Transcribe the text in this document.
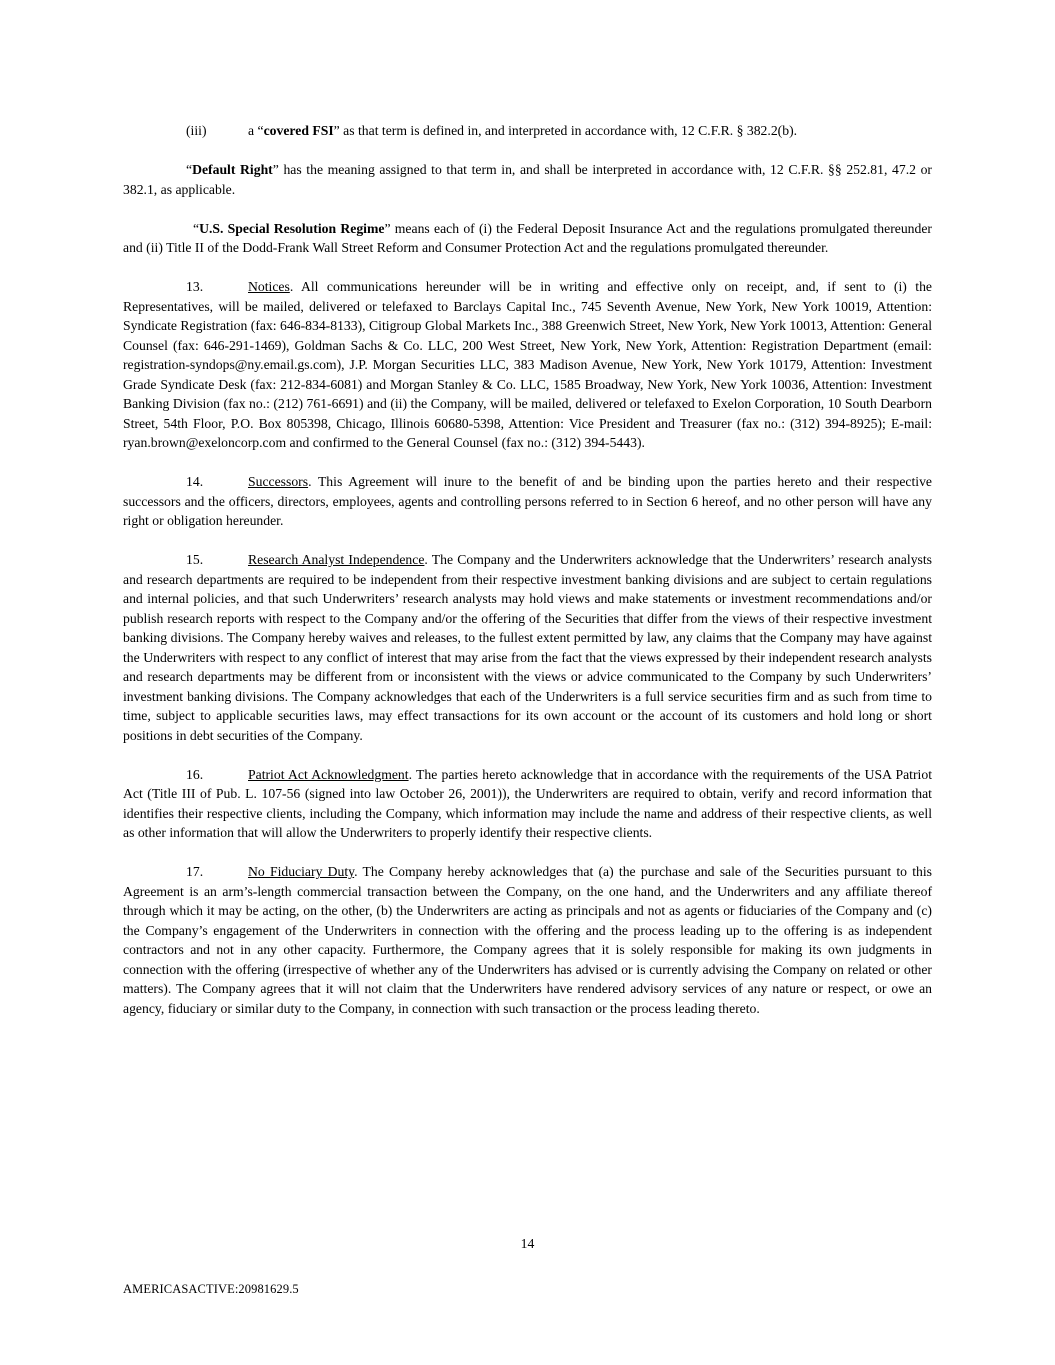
(iii)	a “covered FSI” as that term is defined in, and interpreted in accordance with, 12 C.F.R. § 382.2(b).

“Default Right” has the meaning assigned to that term in, and shall be interpreted in accordance with, 12 C.F.R. §§ 252.81, 47.2 or 382.1, as applicable.

“U.S. Special Resolution Regime” means each of (i) the Federal Deposit Insurance Act and the regulations promulgated thereunder and (ii) Title II of the Dodd-Frank Wall Street Reform and Consumer Protection Act and the regulations promulgated thereunder.

13.	Notices. All communications hereunder will be in writing and effective only on receipt, and, if sent to (i) the Representatives, will be mailed, delivered or telefaxed to Barclays Capital Inc., 745 Seventh Avenue, New York, New York 10019, Attention: Syndicate Registration (fax: 646-834-8133), Citigroup Global Markets Inc., 388 Greenwich Street, New York, New York 10013, Attention: General Counsel (fax: 646-291-1469), Goldman Sachs & Co. LLC, 200 West Street, New York, New York, Attention: Registration Department (email: registration-syndops@ny.email.gs.com), J.P. Morgan Securities LLC, 383 Madison Avenue, New York, New York 10179, Attention: Investment Grade Syndicate Desk (fax: 212-834-6081) and Morgan Stanley & Co. LLC, 1585 Broadway, New York, New York 10036, Attention: Investment Banking Division (fax no.: (212) 761-6691) and (ii) the Company, will be mailed, delivered or telefaxed to Exelon Corporation, 10 South Dearborn Street, 54th Floor, P.O. Box 805398, Chicago, Illinois 60680-5398, Attention: Vice President and Treasurer (fax no.: (312) 394-8925); E-mail: ryan.brown@exeloncorp.com and confirmed to the General Counsel (fax no.: (312) 394-5443).

14.	Successors. This Agreement will inure to the benefit of and be binding upon the parties hereto and their respective successors and the officers, directors, employees, agents and controlling persons referred to in Section 6 hereof, and no other person will have any right or obligation hereunder.

15.	Research Analyst Independence. The Company and the Underwriters acknowledge that the Underwriters’ research analysts and research departments are required to be independent from their respective investment banking divisions and are subject to certain regulations and internal policies, and that such Underwriters’ research analysts may hold views and make statements or investment recommendations and/or publish research reports with respect to the Company and/or the offering of the Securities that differ from the views of their respective investment banking divisions. The Company hereby waives and releases, to the fullest extent permitted by law, any claims that the Company may have against the Underwriters with respect to any conflict of interest that may arise from the fact that the views expressed by their independent research analysts and research departments may be different from or inconsistent with the views or advice communicated to the Company by such Underwriters’ investment banking divisions. The Company acknowledges that each of the Underwriters is a full service securities firm and as such from time to time, subject to applicable securities laws, may effect transactions for its own account or the account of its customers and hold long or short positions in debt securities of the Company.

16.	Patriot Act Acknowledgment. The parties hereto acknowledge that in accordance with the requirements of the USA Patriot Act (Title III of Pub. L. 107-56 (signed into law October 26, 2001)), the Underwriters are required to obtain, verify and record information that identifies their respective clients, including the Company, which information may include the name and address of their respective clients, as well as other information that will allow the Underwriters to properly identify their respective clients.

17.	No Fiduciary Duty. The Company hereby acknowledges that (a) the purchase and sale of the Securities pursuant to this Agreement is an arm’s-length commercial transaction between the Company, on the one hand, and the Underwriters and any affiliate thereof through which it may be acting, on the other, (b) the Underwriters are acting as principals and not as agents or fiduciaries of the Company and (c) the Company’s engagement of the Underwriters in connection with the offering and the process leading up to the offering is as independent contractors and not in any other capacity. Furthermore, the Company agrees that it is solely responsible for making its own judgments in connection with the offering (irrespective of whether any of the Underwriters has advised or is currently advising the Company on related or other matters). The Company agrees that it will not claim that the Underwriters have rendered advisory services of any nature or respect, or owe an agency, fiduciary or similar duty to the Company, in connection with such transaction or the process leading thereto.

14
AMERICASACTIVE:20981629.5
